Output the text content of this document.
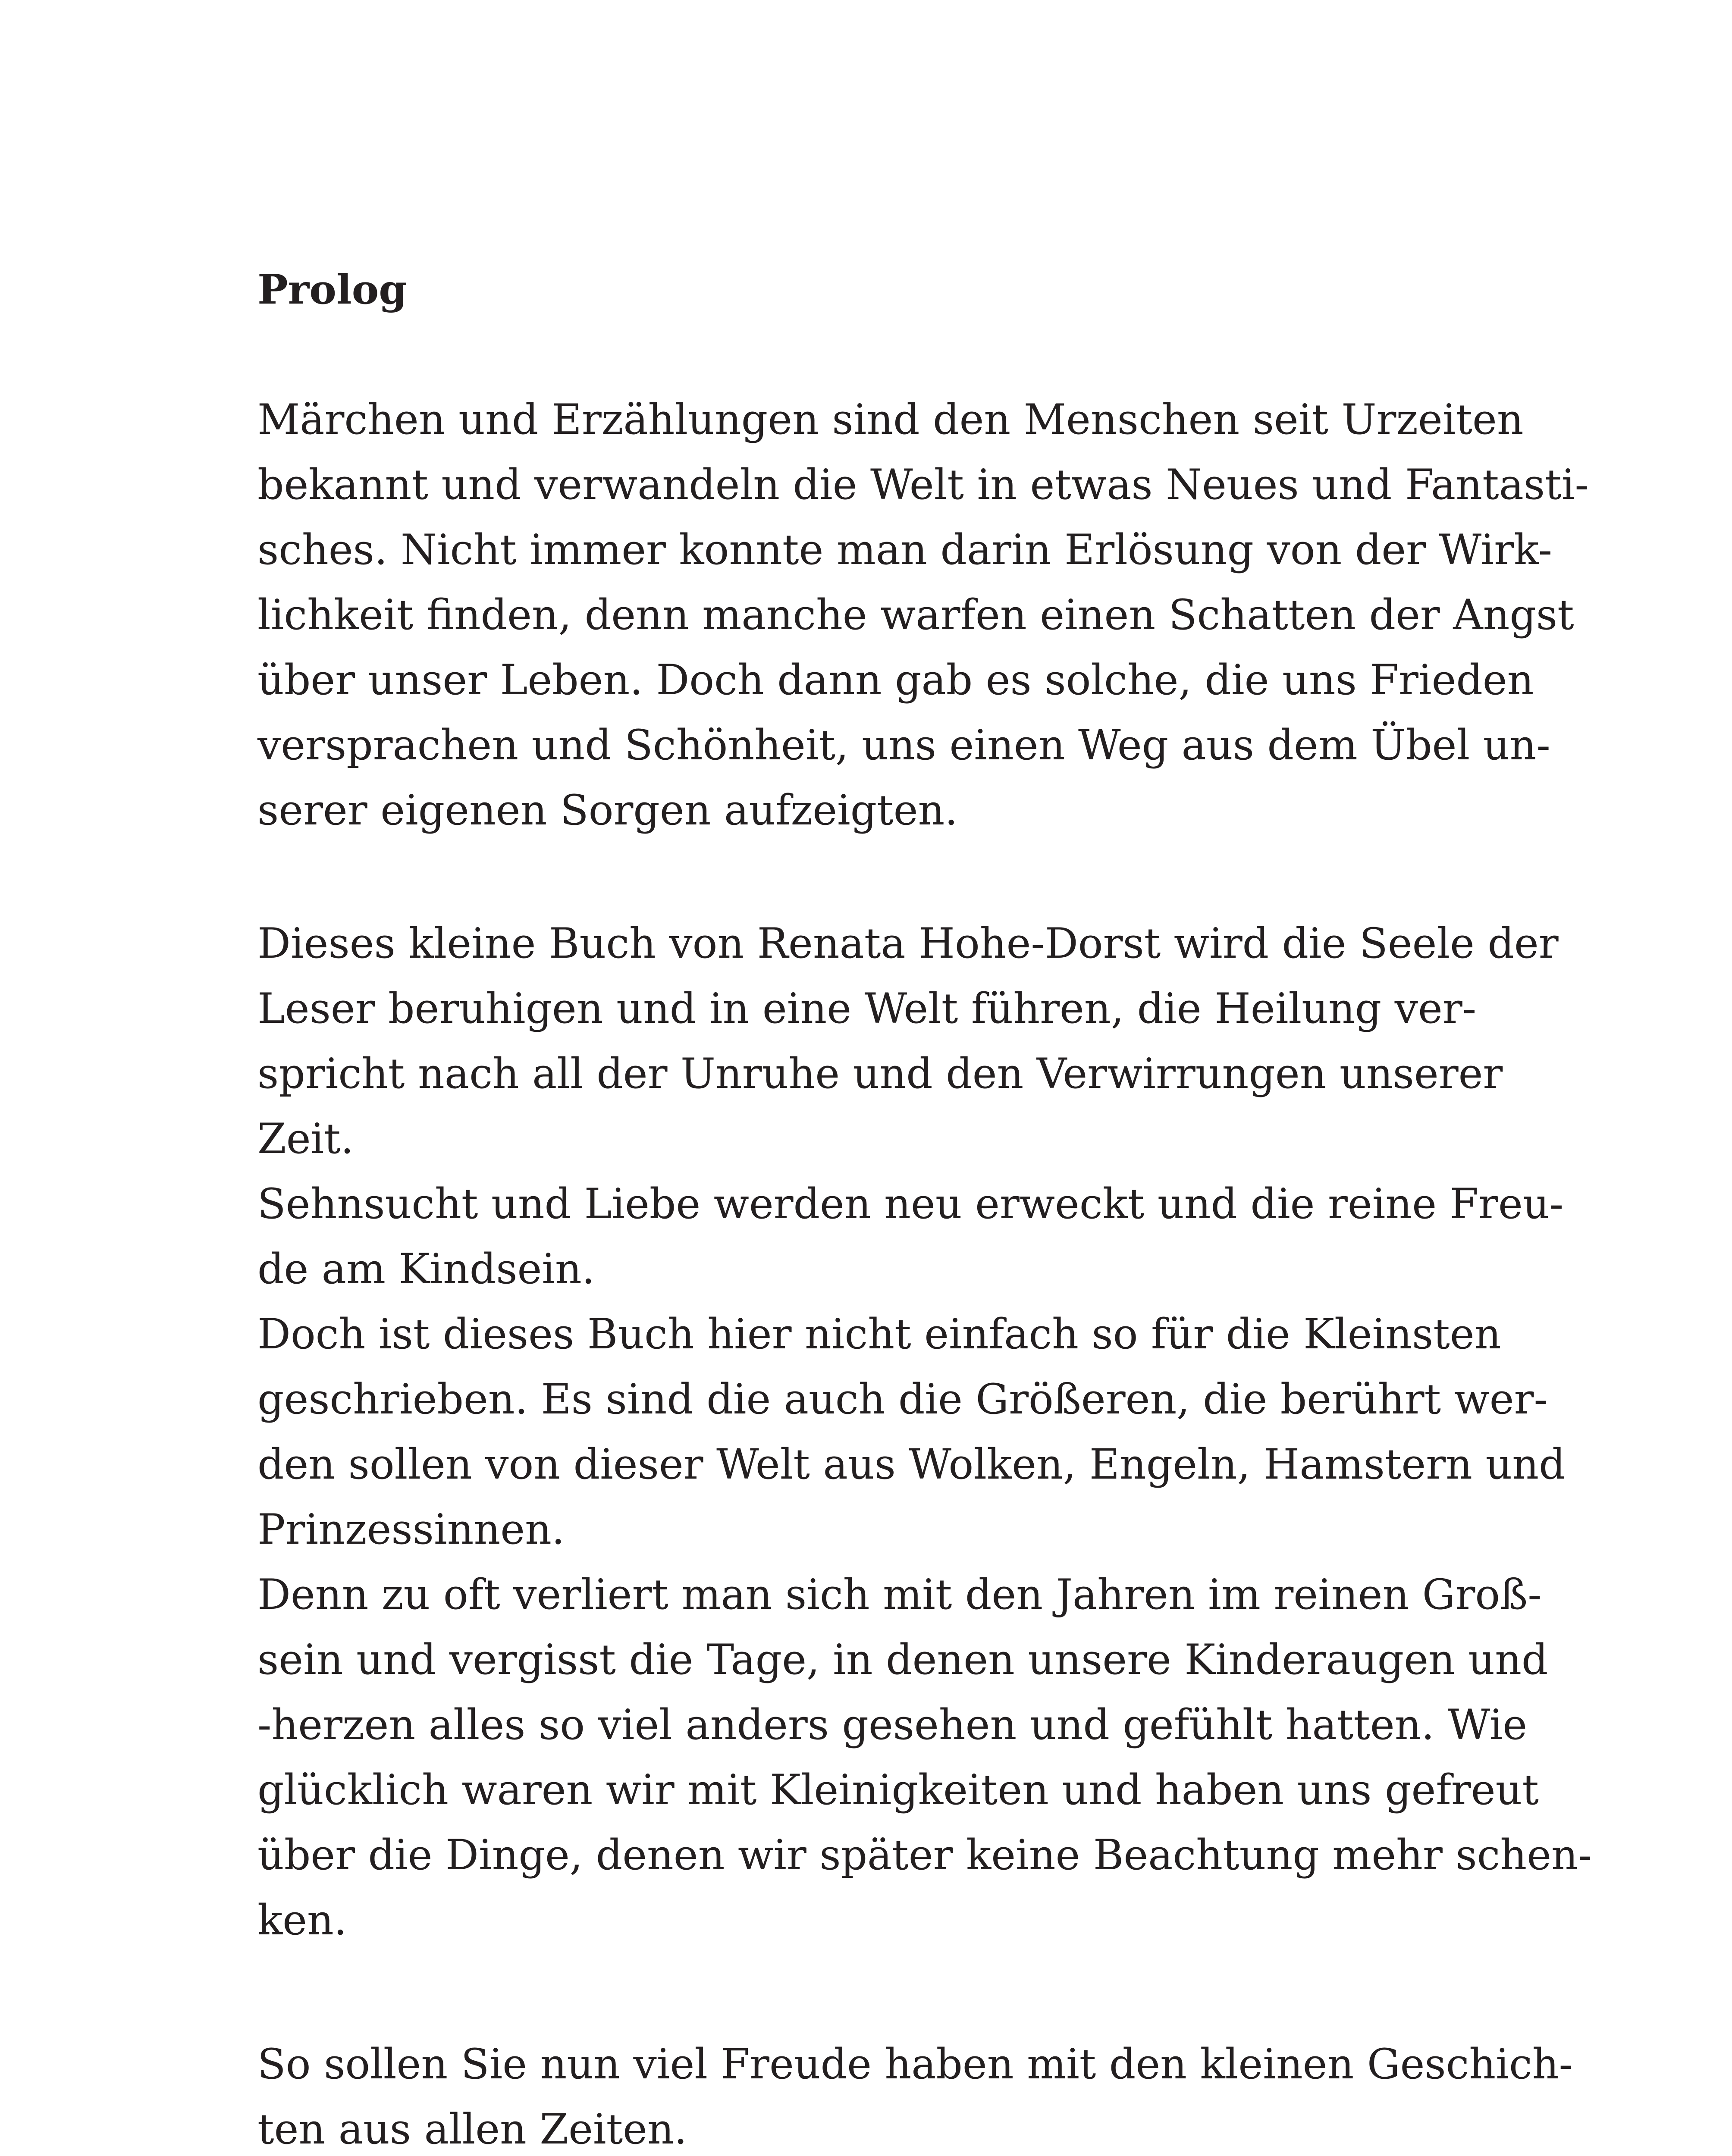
Prolog
Märchen und Erzählungen sind den Menschen seit Urzeiten
bekannt und verwandeln die Welt in etwas Neues und Fantasti-
sches. Nicht immer konnte man darin Erlösung von der Wirk-
lichkeit finden, denn manche warfen einen Schatten der Angst
über unser Leben. Doch dann gab es solche, die uns Frieden
versprachen und Schönheit, uns einen Weg aus dem Übel un-
serer eigenen Sorgen aufzeigten.
Dieses kleine Buch von Renata Hohe-Dorst wird die Seele der
Leser beruhigen und in eine Welt führen, die Heilung ver-
spricht nach all der Unruhe und den Verwirrungen unserer
Zeit.
Sehnsucht und Liebe werden neu erweckt und die reine Freu-
de am Kindsein.
Doch ist dieses Buch hier nicht einfach so für die Kleinsten
geschrieben. Es sind die auch die Größeren, die berührt wer-
den sollen von dieser Welt aus Wolken, Engeln, Hamstern und
Prinzessinnen.
Denn zu oft verliert man sich mit den Jahren im reinen Groß-
sein und vergisst die Tage, in denen unsere Kinderaugen und
-herzen alles so viel anders gesehen und gefühlt hatten. Wie
glücklich waren wir mit Kleinigkeiten und haben uns gefreut
über die Dinge, denen wir später keine Beachtung mehr schen-
ken.
So sollen Sie nun viel Freude haben mit den kleinen Geschich-
ten aus allen Zeiten.
